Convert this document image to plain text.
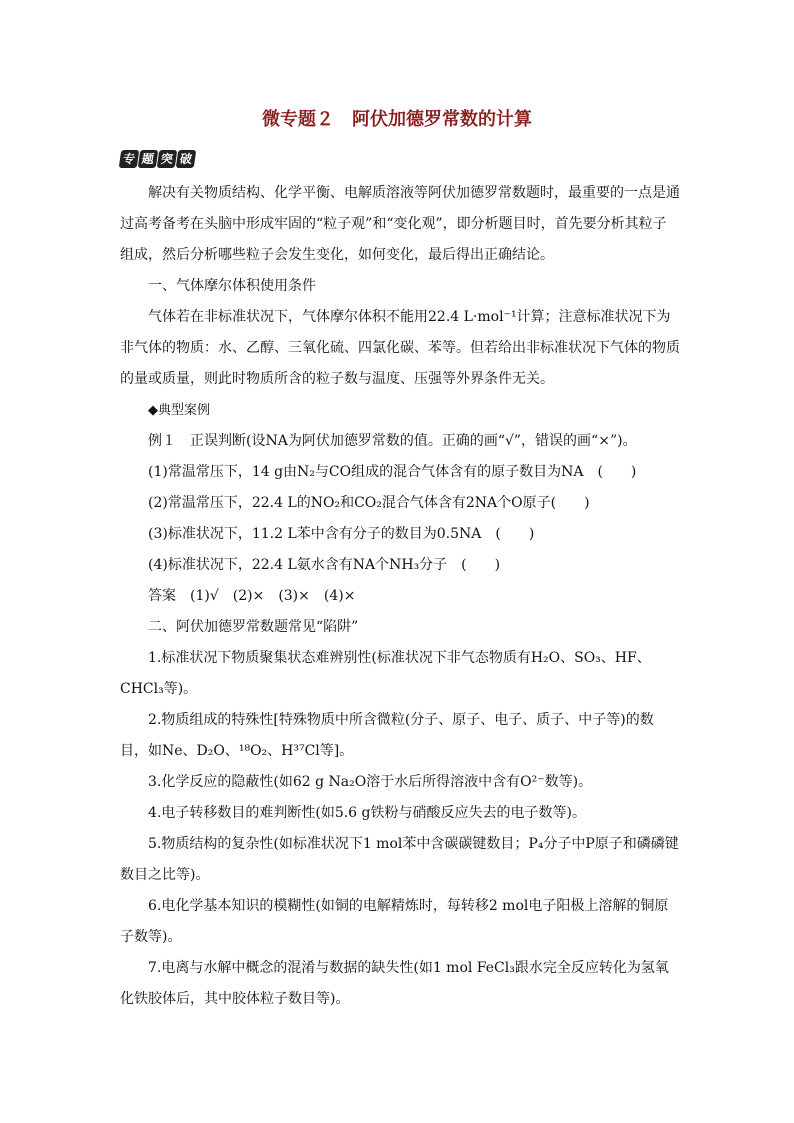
微专题２　阿伏加德罗常数的计算
专 题 突 破

解决有关物质结构、化学平衡、电解质溶液等阿伏加德罗常数题时，最重要的一点是通过高考备考在头脑中形成牢固的“粒子观”和“变化观”，即分析题目时，首先要分析其粒子组成，然后分析哪些粒子会发生变化，如何变化，最后得出正确结论。

一、气体摩尔体积使用条件

气体若在非标准状况下，气体摩尔体积不能用22.4 L·mol⁻¹计算；注意标准状况下为非气体的物质：水、乙醇、三氧化硫、四氯化碳、苯等。但若给出非标准状况下气体的物质的量或质量，则此时物质所含的粒子数与温度、压强等外界条件无关。

◆典型案例

例１　正误判断(设NA为阿伏加德罗常数的值。正确的画“√”，错误的画“×”)。

(1)常温常压下，14 g由N₂与CO组成的混合气体含有的原子数目为NA　(　　)

(2)常温常压下，22.4 L的NO₂和CO₂混合气体含有2NA个O原子(　　)

(3)标准状况下，11.2 L苯中含有分子的数目为0.5NA　(　　)

(4)标准状况下，22.4 L氨水含有NA个NH₃分子　(　　)

答案　(1)√　(2)×　(3)×　(4)×

二、阿伏加德罗常数题常见“陷阱”

1.标准状况下物质聚集状态难辨别性(标准状况下非气态物质有H₂O、SO₃、HF、CHCl₃等)。

2.物质组成的特殊性[特殊物质中所含微粒(分子、原子、电子、质子、中子等)的数目，如Ne、D₂O、¹⁸O₂、H³⁷Cl等]。

3.化学反应的隐蔽性(如62 g Na₂O溶于水后所得溶液中含有O²⁻数等)。

4.电子转移数目的难判断性(如5.6 g铁粉与硝酸反应失去的电子数等)。

5.物质结构的复杂性(如标准状况下1 mol苯中含碳碳键数目；P₄分子中P原子和磷磷键数目之比等)。

6.电化学基本知识的模糊性(如铜的电解精炼时，每转移2 mol电子阳极上溶解的铜原子数等)。

7.电离与水解中概念的混淆与数据的缺失性(如1 mol FeCl₃跟水完全反应转化为氢氧化铁胶体后，其中胶体粒子数目等)。
